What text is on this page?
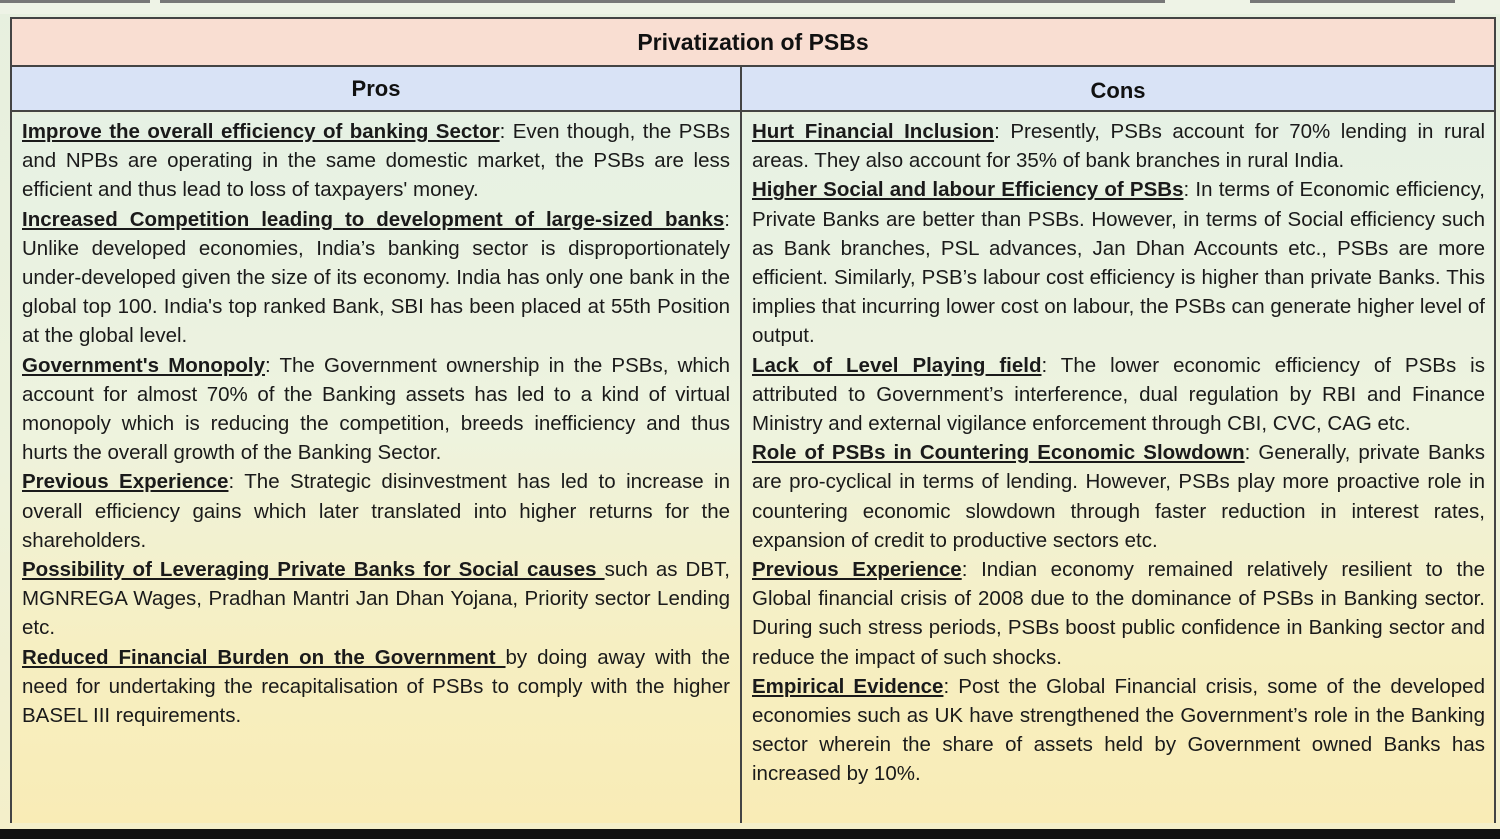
Privatization of PSBs
Pros	Cons
Improve the overall efficiency of banking Sector: Even though, the PSBs and NPBs are operating in the same domestic market, the PSBs are less efficient and thus lead to loss of taxpayers' money.
Increased Competition leading to development of large-sized banks: Unlike developed economies, India’s banking sector is disproportionately under-developed given the size of its economy. India has only one bank in the global top 100. India's top ranked Bank, SBI has been placed at 55th Position at the global level.
Government's Monopoly: The Government ownership in the PSBs, which account for almost 70% of the Banking assets has led to a kind of virtual monopoly which is reducing the competition, breeds inefficiency and thus hurts the overall growth of the Banking Sector.
Previous Experience: The Strategic disinvestment has led to increase in overall efficiency gains which later translated into higher returns for the shareholders.
Possibility of Leveraging Private Banks for Social causes such as DBT, MGNREGA Wages, Pradhan Mantri Jan Dhan Yojana, Priority sector Lending etc.
Reduced Financial Burden on the Government by doing away with the need for undertaking the recapitalisation of PSBs to comply with the higher BASEL III requirements.
Hurt Financial Inclusion: Presently, PSBs account for 70% lending in rural areas. They also account for 35% of bank branches in rural India.
Higher Social and labour Efficiency of PSBs: In terms of Economic efficiency, Private Banks are better than PSBs. However, in terms of Social efficiency such as Bank branches, PSL advances, Jan Dhan Accounts etc., PSBs are more efficient. Similarly, PSB’s labour cost efficiency is higher than private Banks. This implies that incurring lower cost on labour, the PSBs can generate higher level of output.
Lack of Level Playing field: The lower economic efficiency of PSBs is attributed to Government’s interference, dual regulation by RBI and Finance Ministry and external vigilance enforcement through CBI, CVC, CAG etc.
Role of PSBs in Countering Economic Slowdown: Generally, private Banks are pro-cyclical in terms of lending. However, PSBs play more proactive role in countering economic slowdown through faster reduction in interest rates, expansion of credit to productive sectors etc.
Previous Experience: Indian economy remained relatively resilient to the Global financial crisis of 2008 due to the dominance of PSBs in Banking sector. During such stress periods, PSBs boost public confidence in Banking sector and reduce the impact of such shocks.
Empirical Evidence: Post the Global Financial crisis, some of the developed economies such as UK have strengthened the Government’s role in the Banking sector wherein the share of assets held by Government owned Banks has increased by 10%.
